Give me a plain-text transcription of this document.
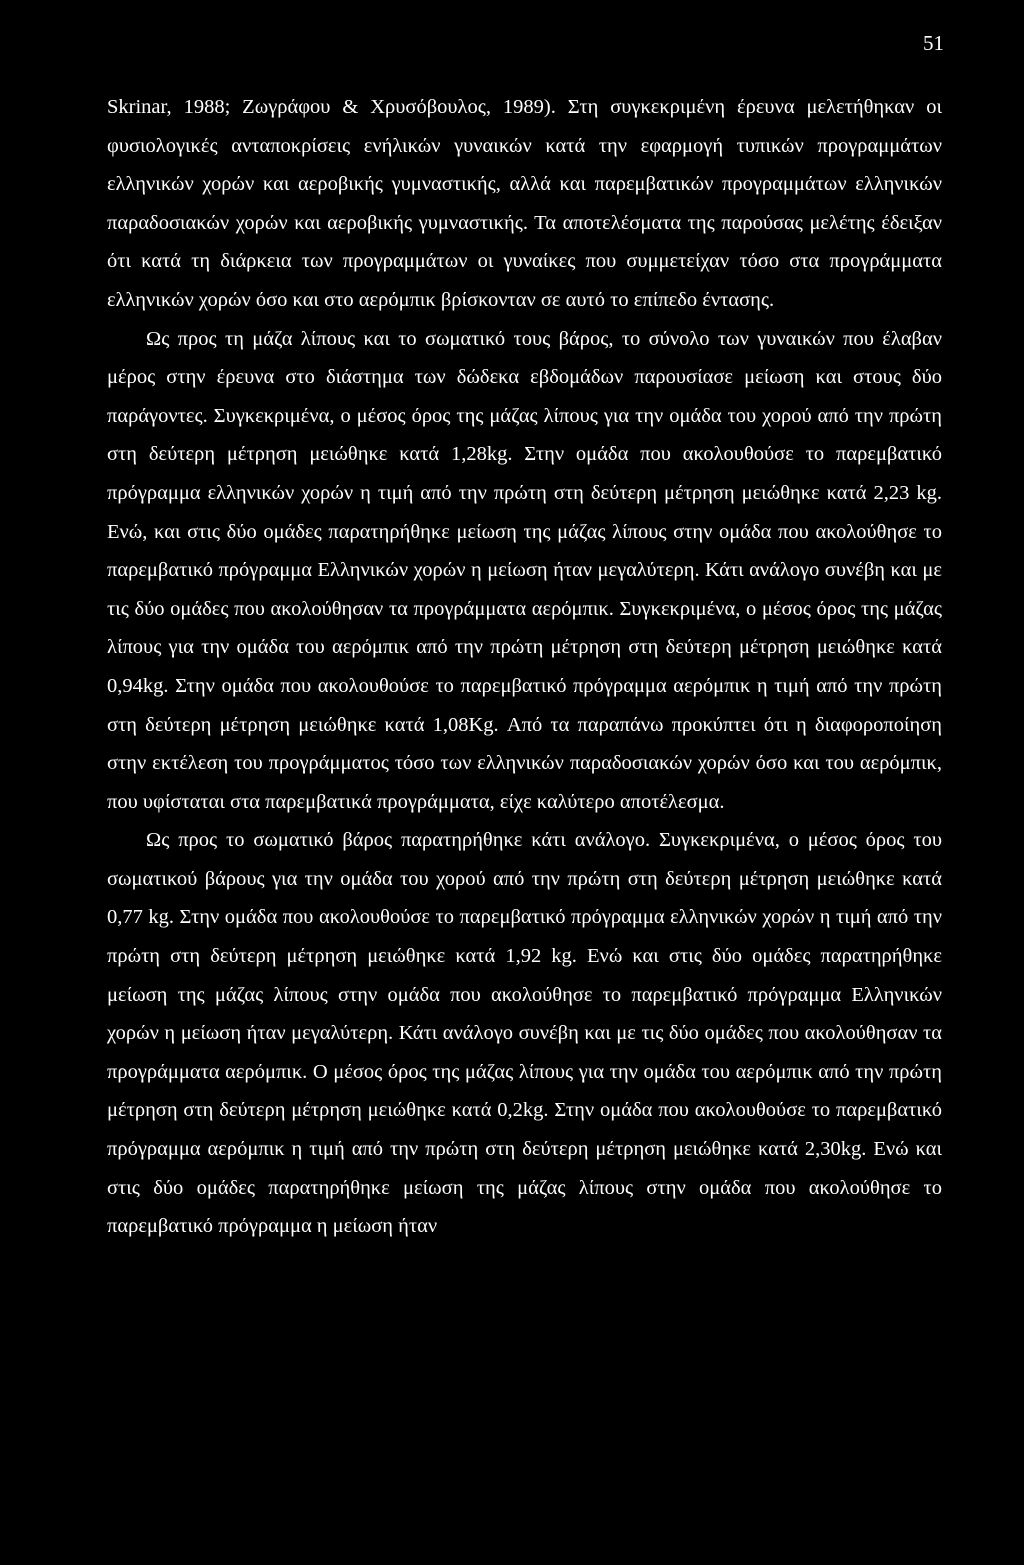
51

Skrinar, 1988; Ζωγράφου & Χρυσόβουλος, 1989). Στη συγκεκριμένη έρευνα μελετήθηκαν οι φυσιολογικές ανταποκρίσεις ενήλικών γυναικών κατά την εφαρμογή τυπικών προγραμμάτων ελληνικών χορών και αεροβικής γυμναστικής, αλλά και παρεμβατικών προγραμμάτων ελληνικών παραδοσιακών χορών και αεροβικής γυμναστικής. Τα αποτελέσματα της παρούσας μελέτης έδειξαν ότι κατά τη διάρκεια των προγραμμάτων οι γυναίκες που συμμετείχαν τόσο στα προγράμματα ελληνικών χορών όσο και στο αερόμπικ βρίσκονταν σε αυτό το επίπεδο έντασης.

Ως προς τη μάζα λίπους και το σωματικό τους βάρος, το σύνολο των γυναικών που έλαβαν μέρος στην έρευνα στο διάστημα των δώδεκα εβδομάδων παρουσίασε μείωση και στους δύο παράγοντες. Συγκεκριμένα, ο μέσος όρος της μάζας λίπους για την ομάδα του χορού από την πρώτη στη δεύτερη μέτρηση μειώθηκε κατά 1,28kg. Στην ομάδα που ακολουθούσε το παρεμβατικό πρόγραμμα ελληνικών χορών η τιμή από την πρώτη στη δεύτερη μέτρηση μειώθηκε κατά 2,23 kg. Ενώ, και στις δύο ομάδες παρατηρήθηκε μείωση της μάζας λίπους στην ομάδα που ακολούθησε το παρεμβατικό πρόγραμμα Ελληνικών χορών η μείωση ήταν μεγαλύτερη. Κάτι ανάλογο συνέβη και με τις δύο ομάδες που ακολούθησαν τα προγράμματα αερόμπικ. Συγκεκριμένα, ο μέσος όρος της μάζας λίπους για την ομάδα του αερόμπικ από την πρώτη μέτρηση στη δεύτερη μέτρηση μειώθηκε κατά 0,94kg. Στην ομάδα που ακολουθούσε το παρεμβατικό πρόγραμμα αερόμπικ η τιμή από την πρώτη στη δεύτερη μέτρηση μειώθηκε κατά 1,08Kg. Από τα παραπάνω προκύπτει ότι η διαφοροποίηση στην εκτέλεση του προγράμματος τόσο των ελληνικών παραδοσιακών χορών όσο και του αερόμπικ, που υφίσταται στα παρεμβατικά προγράμματα, είχε καλύτερο αποτέλεσμα.

Ως προς το σωματικό βάρος παρατηρήθηκε κάτι ανάλογο. Συγκεκριμένα, ο μέσος όρος του σωματικού βάρους για την ομάδα του χορού από την πρώτη στη δεύτερη μέτρηση μειώθηκε κατά 0,77 kg. Στην ομάδα που ακολουθούσε το παρεμβατικό πρόγραμμα ελληνικών χορών η τιμή από την πρώτη στη δεύτερη μέτρηση μειώθηκε κατά 1,92 kg. Ενώ και στις δύο ομάδες παρατηρήθηκε μείωση της μάζας λίπους στην ομάδα που ακολούθησε το παρεμβατικό πρόγραμμα Ελληνικών χορών η μείωση ήταν μεγαλύτερη. Κάτι ανάλογο συνέβη και με τις δύο ομάδες που ακολούθησαν τα προγράμματα αερόμπικ. Ο μέσος όρος της μάζας λίπους για την ομάδα του αερόμπικ από την πρώτη μέτρηση στη δεύτερη μέτρηση μειώθηκε κατά 0,2kg. Στην ομάδα που ακολουθούσε το παρεμβατικό πρόγραμμα αερόμπικ η τιμή από την πρώτη στη δεύτερη μέτρηση μειώθηκε κατά 2,30kg. Ενώ και στις δύο ομάδες παρατηρήθηκε μείωση της μάζας λίπους στην ομάδα που ακολούθησε το παρεμβατικό πρόγραμμα η μείωση ήταν
